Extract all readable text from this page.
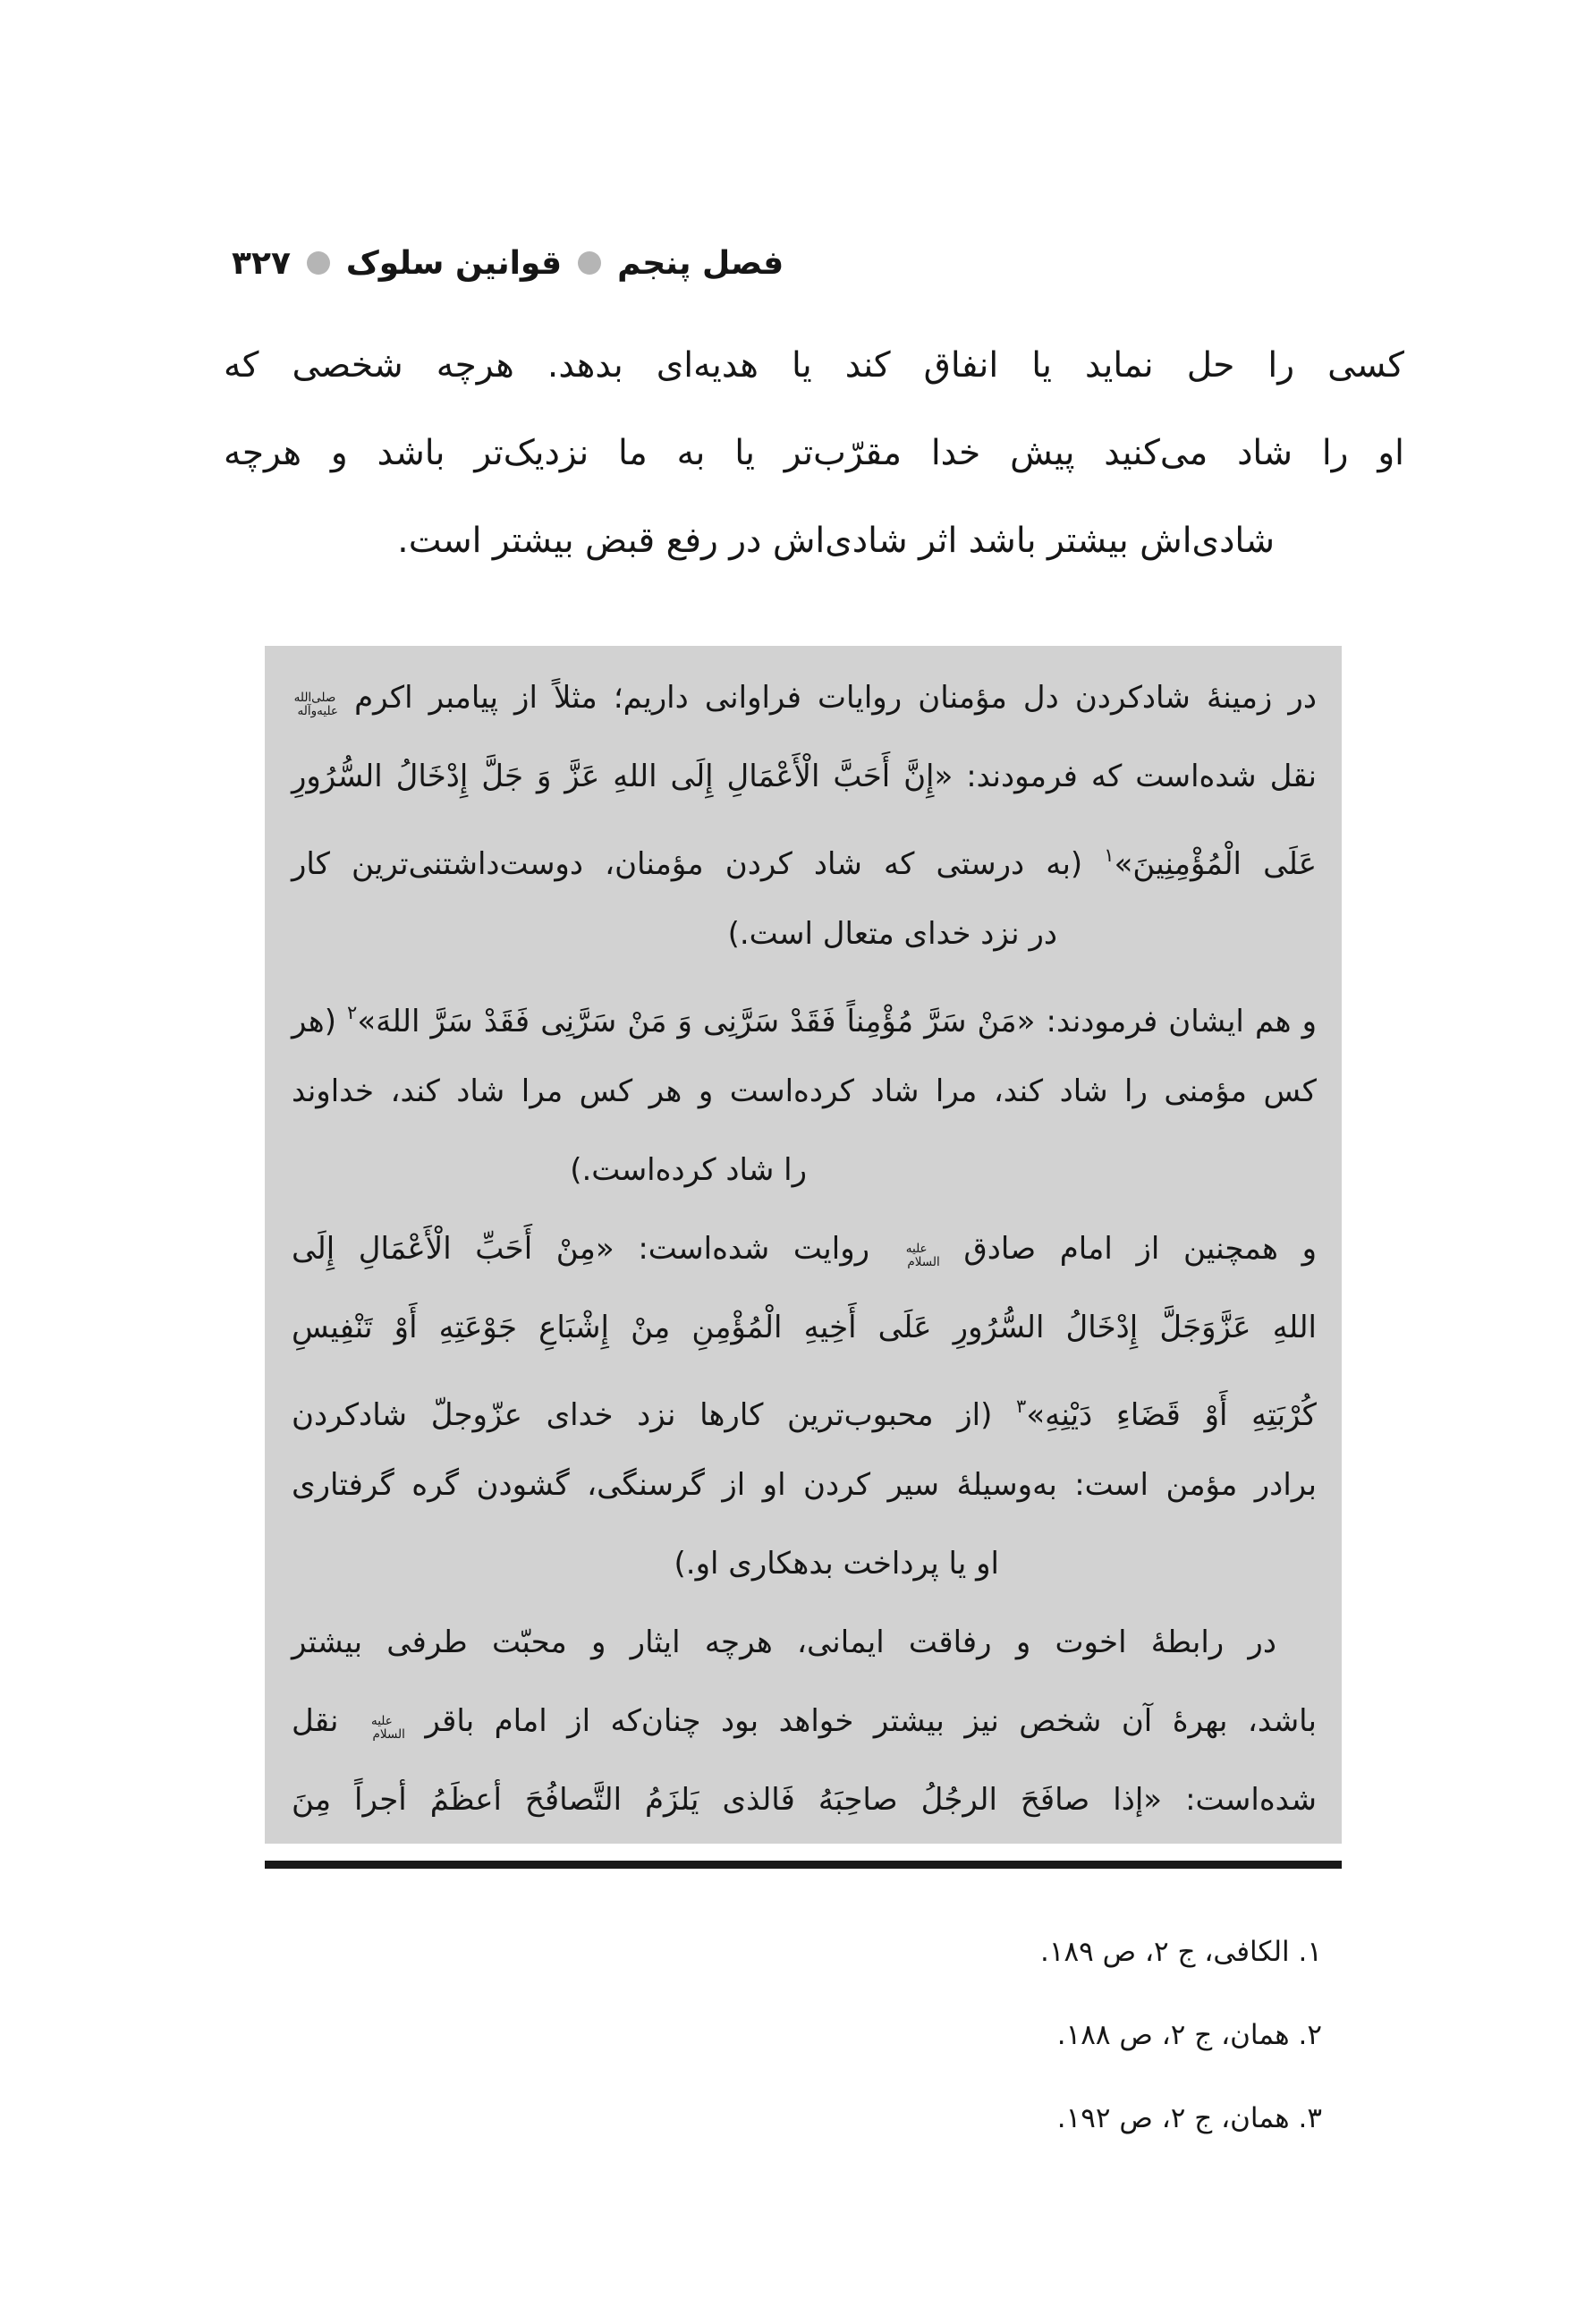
فصل پنجم
قوانین سلوک
۳۲۷
کسی را حل نماید یا انفاق کند یا هدیه‌ای بدهد. هرچه شخصی که
او را شاد می‌کنید پیش خدا مقرّب‌تر یا به ما نزدیک‌تر باشد و هرچه
شادی‌اش بیشتر باشد اثر شادی‌اش در رفع قبض بیشتر است.
در زمینهٔ شادکردن دل مؤمنان روایات فراوانی داریم؛ مثلاً از پیامبر اکرم صلی‌الله علیه‌وآله
نقل شده‌است که فرمودند: «إِنَّ أَحَبَّ الْأَعْمَالِ إِلَی اللهِ عَزَّ وَ جَلَّ إِدْخَالُ السُّرُورِ
عَلَی الْمُؤْمِنِينَ»$^۱$ (به درستی که شاد کردن مؤمنان، دوست‌داشتنی‌ترین کار
در نزد خدای متعال است.)
و هم ایشان فرمودند: «مَنْ سَرَّ مُؤْمِناً فَقَدْ سَرَّنِی وَ مَنْ سَرَّنِی فَقَدْ سَرَّ اللهَ»$^۲$ (هر
کس مؤمنی را شاد کند، مرا شاد کرده‌است و هر کس مرا شاد کند، خداوند
را شاد کرده‌است.)
و همچنین از امام صادق علیه السلام روایت شده‌است: «مِنْ أَحَبِّ الْأَعْمَالِ إِلَی
اللهِ عَزَّوَجَلَّ إِدْخَالُ السُّرُورِ عَلَی أَخِيهِ الْمُؤْمِنِ مِنْ إِشْبَاعِ جَوْعَتِهِ أَوْ تَنْفِيسِ
کُرْبَتِهِ أَوْ قَضَاءِ دَيْنِهِ»$^۳$ (از محبوب‌ترین کارها نزد خدای عزّوجلّ شادکردن
برادر مؤمن است: به‌وسیلهٔ سیر کردن او از گرسنگی، گشودن گره گرفتاری
او یا پرداخت بدهکاری او.)
در رابطهٔ اخوت و رفاقت ایمانی، هرچه ایثار و محبّت طرفی بیشتر
باشد، بهرهٔ آن شخص نیز بیشتر خواهد بود چنان‌که از امام باقر علیه السلام نقل
شده‌است: «إذا صافَحَ الرجُلُ صاحِبَهُ فَالذی یَلزَمُ التَّصافُحَ أعظَمُ أجراً مِنَ
۱. الکافی، ج ۲، ص ۱۸۹.
۲. همان، ج ۲، ص ۱۸۸.
۳. همان، ج ۲، ص ۱۹۲.
